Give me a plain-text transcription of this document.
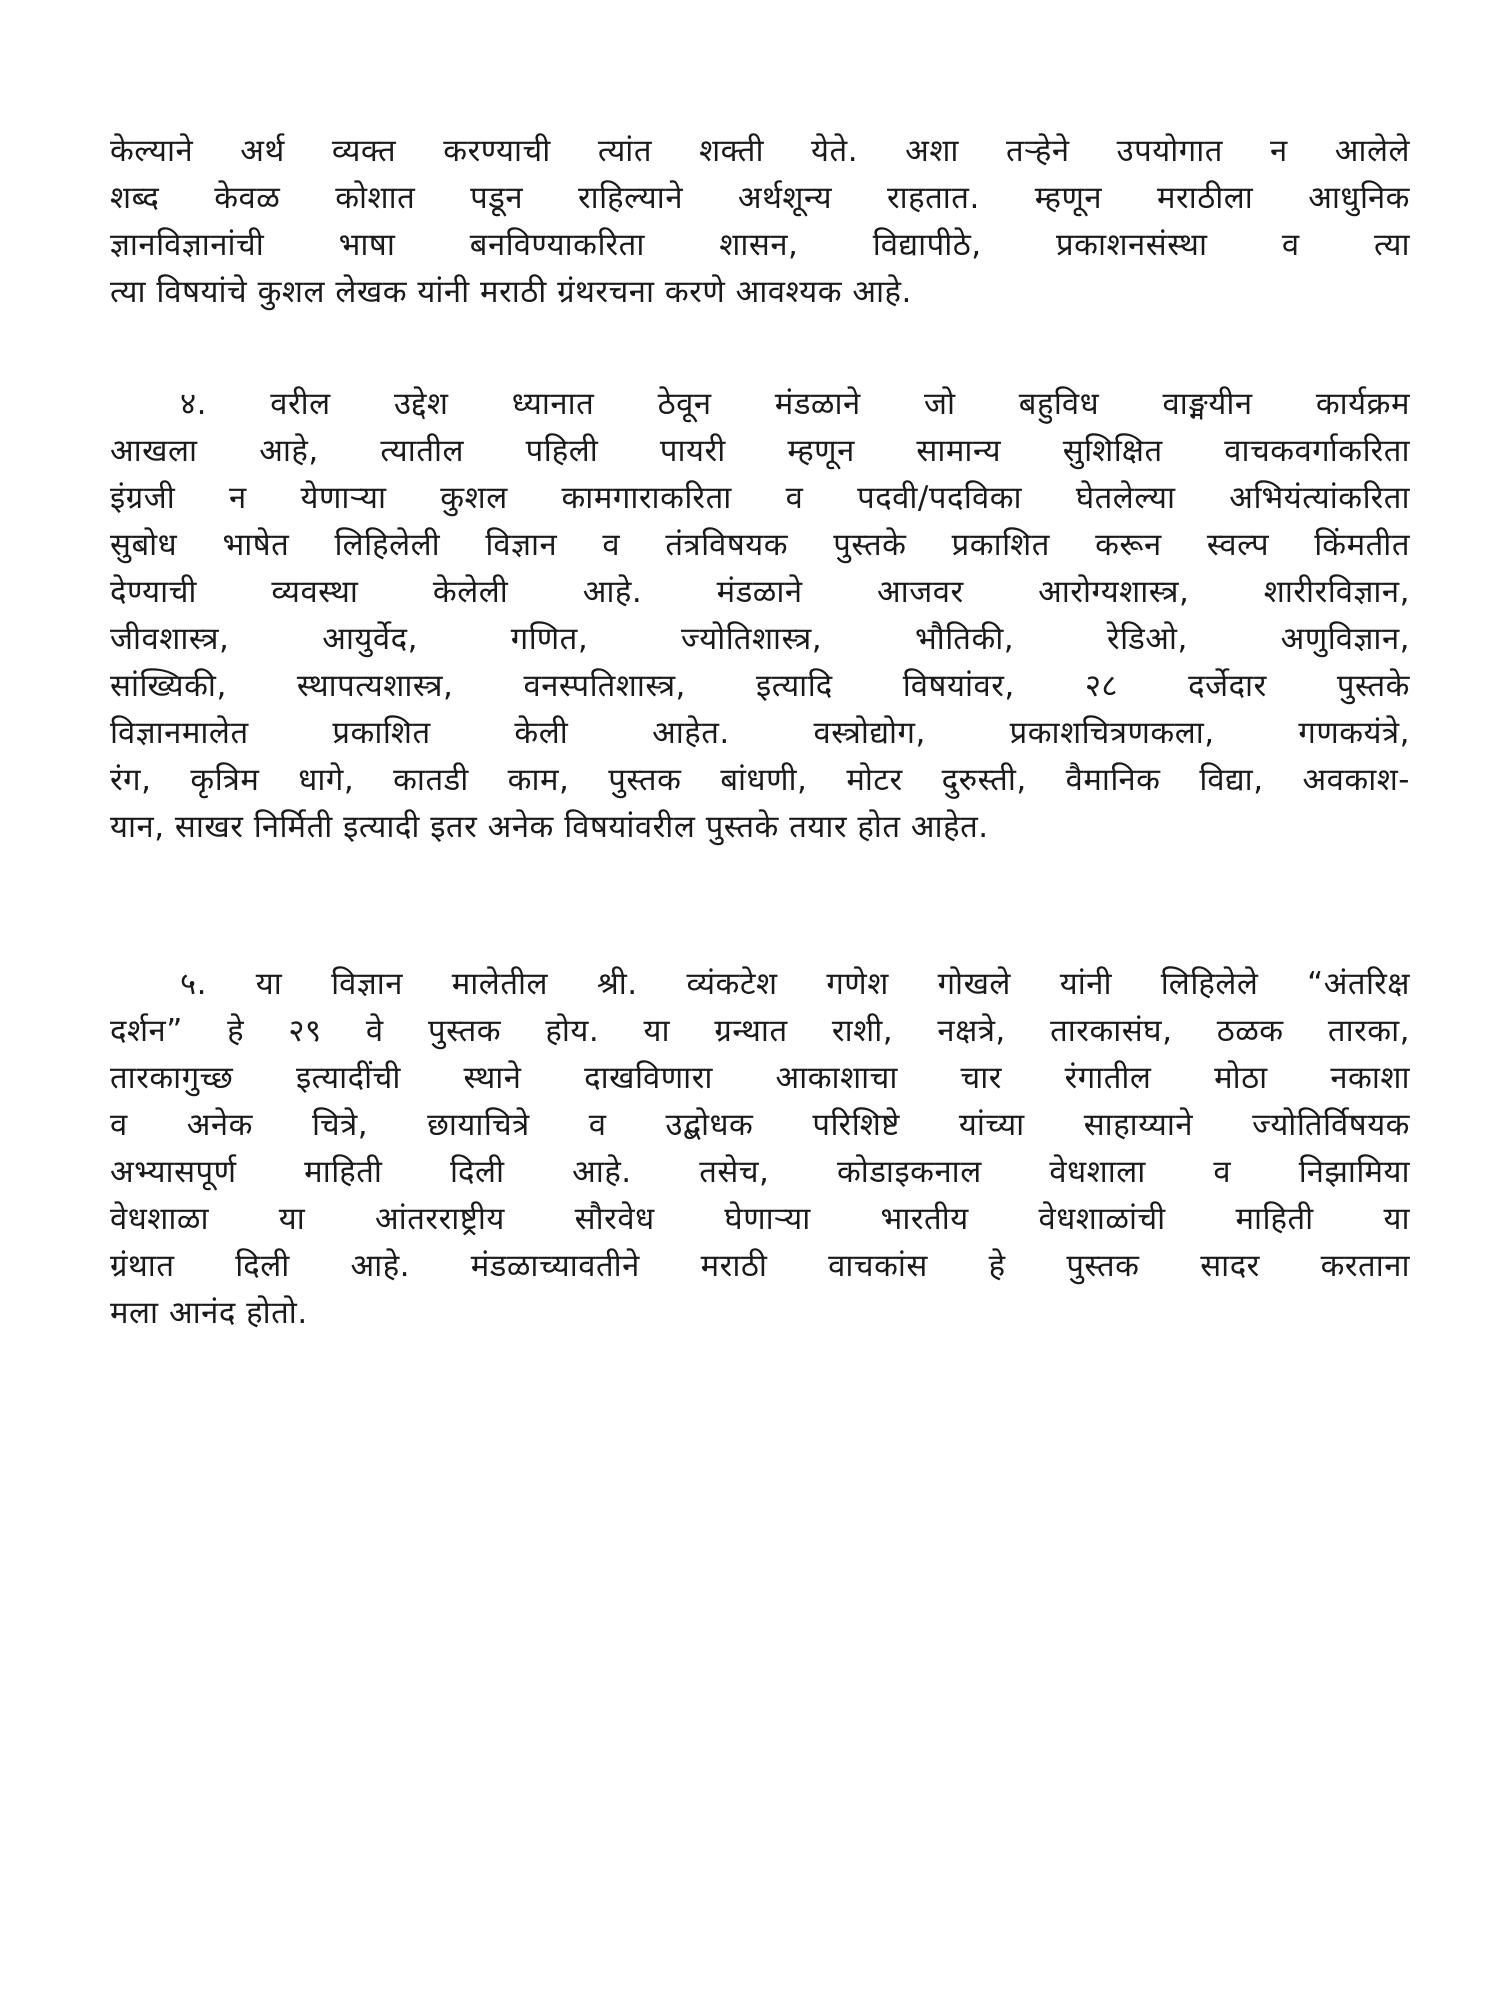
केल्याने अर्थ व्यक्त करण्याची त्यांत शक्ती येते. अशा तऱ्हेने उपयोगात न आलेले
शब्द केवळ कोशात पडून राहिल्याने अर्थशून्य राहतात. म्हणून मराठीला आधुनिक
ज्ञानविज्ञानांची भाषा बनविण्याकरिता शासन, विद्यापीठे, प्रकाशनसंस्था व त्या
त्या विषयांचे कुशल लेखक यांनी मराठी ग्रंथरचना करणे आवश्यक आहे.
४. वरील उद्देश ध्यानात ठेवून मंडळाने जो बहुविध वाङ्मयीन कार्यक्रम
आखला आहे, त्यातील पहिली पायरी म्हणून सामान्य सुशिक्षित वाचकवर्गाकरिता
इंग्रजी न येणाऱ्या कुशल कामगाराकरिता व पदवी/पदविका घेतलेल्या अभियंत्यांकरिता
सुबोध भाषेत लिहिलेली विज्ञान व तंत्रविषयक पुस्तके प्रकाशित करून स्वल्प किंमतीत
देण्याची व्यवस्था केलेली आहे. मंडळाने आजवर आरोग्यशास्त्र, शारीरविज्ञान,
जीवशास्त्र, आयुर्वेद, गणित, ज्योतिशास्त्र, भौतिकी, रेडिओ, अणुविज्ञान,
सांख्यिकी, स्थापत्यशास्त्र, वनस्पतिशास्त्र, इत्यादि विषयांवर, २८ दर्जेदार पुस्तके
विज्ञानमालेत प्रकाशित केली आहेत. वस्त्रोद्योग, प्रकाशचित्रणकला, गणकयंत्रे,
रंग, कृत्रिम धागे, कातडी काम, पुस्तक बांधणी, मोटर दुरुस्ती, वैमानिक विद्या, अवकाश-
यान, साखर निर्मिती इत्यादी इतर अनेक विषयांवरील पुस्तके तयार होत आहेत.
५. या विज्ञान मालेतील श्री. व्यंकटेश गणेश गोखले यांनी लिहिलेले “अंतरिक्ष
दर्शन” हे २९ वे पुस्तक होय. या ग्रन्थात राशी, नक्षत्रे, तारकासंघ, ठळक तारका,
तारकागुच्छ इत्यादींची स्थाने दाखविणारा आकाशाचा चार रंगातील मोठा नकाशा
व अनेक चित्रे, छायाचित्रे व उद्बोधक परिशिष्टे यांच्या साहाय्याने ज्योतिर्विषयक
अभ्यासपूर्ण माहिती दिली आहे. तसेच, कोडाइकनाल वेधशाला व निझामिया
वेधशाळा या आंतरराष्ट्रीय सौरवेध घेणाऱ्या भारतीय वेधशाळांची माहिती या
ग्रंथात दिली आहे. मंडळाच्यावतीने मराठी वाचकांस हे पुस्तक सादर करताना
मला आनंद होतो.
